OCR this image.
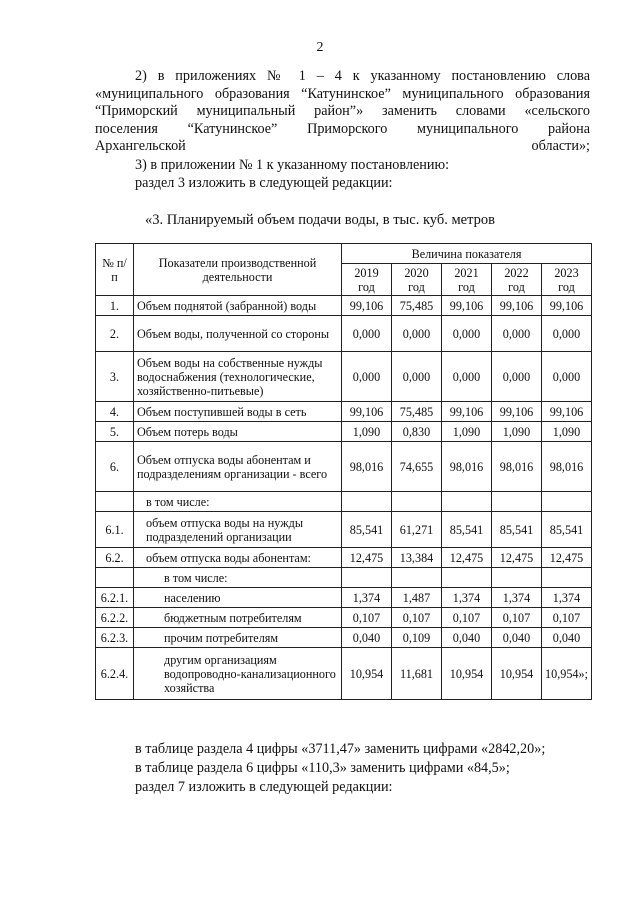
2
2) в приложениях № 1 – 4 к указанному постановлению слова
«муниципального образования “Катунинское” муниципального образования
“Приморский муниципальный район”» заменить словами «сельского
поселения “Катунинское” Приморского муниципального района
Архангельской области»;
3) в приложении № 1 к указанному постановлению:
раздел 3 изложить в следующей редакции:
«3. Планируемый объем подачи воды, в тыс. куб. метров
№ п/п	Показатели производственной деятельности	Величина показателя				
		2019 год	2020 год	2021 год	2022 год	2023 год
1.	Объем поднятой (забранной) воды	99,106	75,485	99,106	99,106	99,106
2.	Объем воды, полученной со стороны	0,000	0,000	0,000	0,000	0,000
3.	Объем воды на собственные нужды водоснабжения (технологические, хозяйственно-питьевые)	0,000	0,000	0,000	0,000	0,000
4.	Объем поступившей воды в сеть	99,106	75,485	99,106	99,106	99,106
5.	Объем потерь воды	1,090	0,830	1,090	1,090	1,090
6.	Объем отпуска воды абонентам и подразделениям организации - всего	98,016	74,655	98,016	98,016	98,016
	в том числе:					
6.1.	объем отпуска воды на нужды подразделений организации	85,541	61,271	85,541	85,541	85,541
6.2.	объем отпуска воды абонентам:	12,475	13,384	12,475	12,475	12,475
	в том числе:					
6.2.1.	населению	1,374	1,487	1,374	1,374	1,374
6.2.2.	бюджетным потребителям	0,107	0,107	0,107	0,107	0,107
6.2.3.	прочим потребителям	0,040	0,109	0,040	0,040	0,040
6.2.4.	другим организациям водопроводно-канализационного хозяйства	10,954	11,681	10,954	10,954	10,954»;
в таблице раздела 4 цифры «3711,47» заменить цифрами «2842,20»;
в таблице раздела 6 цифры «110,3» заменить цифрами «84,5»;
раздел 7 изложить в следующей редакции:
